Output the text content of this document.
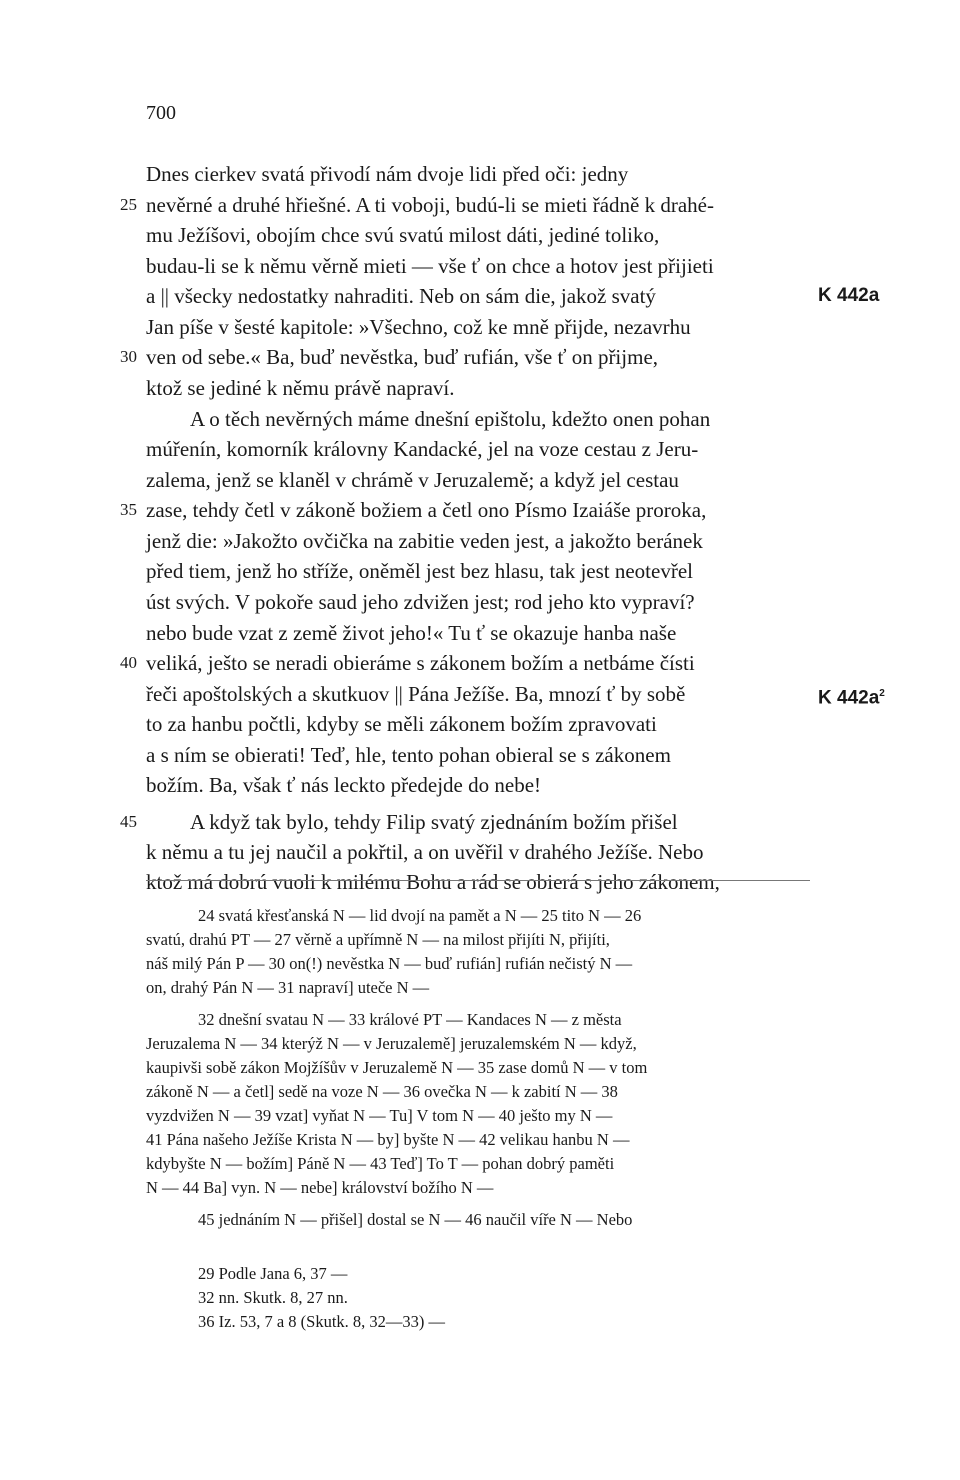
700
Dnes cierkev svatá přivodí nám dvoje lidi před oči: jedny
nevěrné a druhé hřiešné. A ti voboji, budú-li se mieti řádně k drahé-
mu Ježíšovi, obojím chce svú svatú milost dáti, jediné toliko,
budau-li se k němu věrně mieti — vše ť on chce a hotov jest přijieti
a || všecky nedostatky nahraditi. Neb on sám die, jakož svatý
Jan píše v šesté kapitole: »Všechno, což ke mně přijde, nezavrhu
ven od sebe.« Ba, buď nevěstka, buď rufián, vše ť on přijme,
ktož se jediné k němu právě napraví.
A o těch nevěrných máme dnešní epištolu, kdežto onen pohan
múřenín, komorník královny Kandacké, jel na voze cestau z Jeru-
zalema, jenž se klaněl v chrámě v Jeruzalemě; a když jel cestau
zase, tehdy četl v zákoně božiem a četl ono Písmo Izaiáše proroka,
jenž die: »Jakožto ovčička na zabitie veden jest, a jakožto beránek
před tiem, jenž ho stříže, oněměl jest bez hlasu, tak jest neotevřel
úst svých. V pokoře saud jeho zdvižen jest; rod jeho kto vypraví?
nebo bude vzat z země život jeho!« Tu ť se okazuje hanba naše
veliká, ješto se neradi obieráme s zákonem božím a netbáme čísti
řeči apoštolských a skutkuov || Pána Ježíše. Ba, mnozí ť by sobě
to za hanbu počtli, kdyby se měli zákonem božím zpravovati
a s ním se obierati! Teď, hle, tento pohan obieral se s zákonem
božím. Ba, však ť nás leckto předejde do nebe!
A když tak bylo, tehdy Filip svatý zjednáním božím přišel
k němu a tu jej naučil a pokřtil, a on uvěřil v drahého Ježíše. Nebo
ktož má dobrú vuoli k milému Bohu a rád se obierá s jeho zákonem,
25
30
35
40
45
K 442a
K $442a^2$
24 svatá křesťanská N — lid dvojí na pamět a N — 25 tito N — 26
svatú, drahú PT — 27 věrně a upřímně N — na milost přijíti N, přijíti,
náš milý Pán P — 30 on(!) nevěstka N — buď rufián] rufián nečistý N —
on, drahý Pán N — 31 napraví] uteče N —
32 dnešní svatau N — 33 králové PT — Kandaces N — z města
Jeruzalema N — 34 kterýž N — v Jeruzalemě] jeruzalemském N — když,
kaupivši sobě zákon Mojžíšův v Jeruzalemě N — 35 zase domů N — v tom
zákoně N — a četl] sedě na voze N — 36 ovečka N — k zabití N — 38
vyzdvižen N — 39 vzat] vyňat N — Tu] V tom N — 40 ješto my N —
41 Pána našeho Ježíše Krista N — by] byšte N — 42 velikau hanbu N —
kdybyšte N — božím] Páně N — 43 Teď] To T — pohan dobrý paměti
N — 44 Ba] vyn. N — nebe] království božího N —
45 jednáním N — přišel] dostal se N — 46 naučil víře N — Nebo
29 Podle Jana 6, 37 —
32 nn. Skutk. 8, 27 nn.
36 Iz. 53, 7 a 8 (Skutk. 8, 32—33) —
